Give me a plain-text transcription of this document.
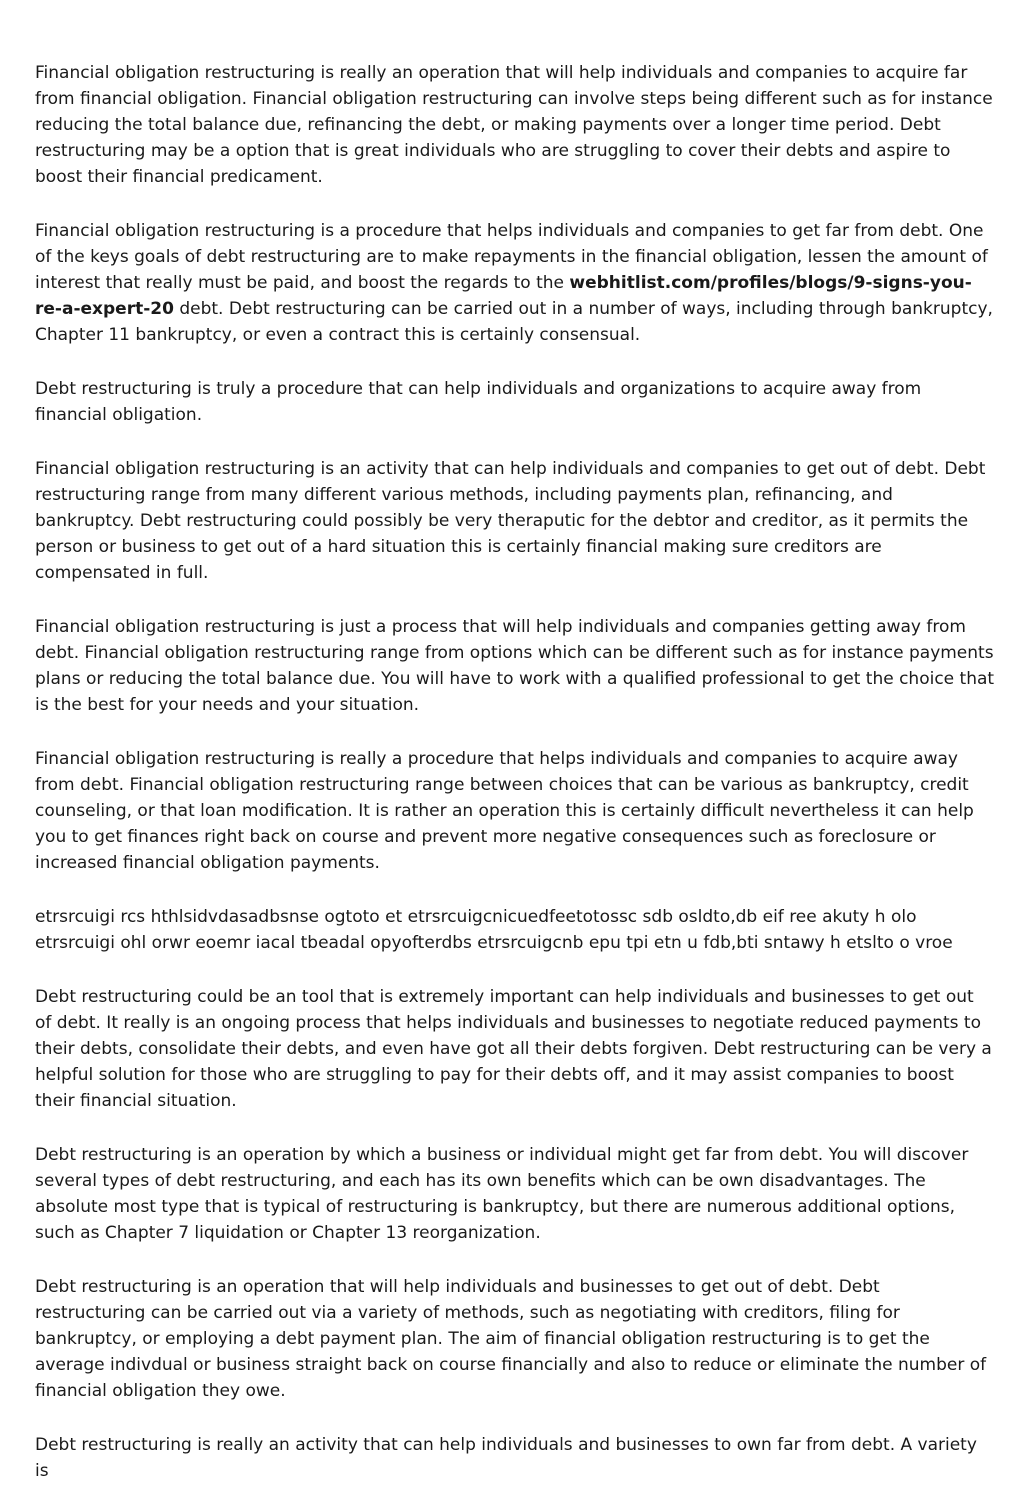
Financial obligation restructuring is really an operation that will help individuals and companies to acquire far from financial obligation. Financial obligation restructuring can involve steps being different such as for instance reducing the total balance due, refinancing the debt, or making payments over a longer time period. Debt restructuring may be a option that is great individuals who are struggling to cover their debts and aspire to boost their financial predicament.

Financial obligation restructuring is a procedure that helps individuals and companies to get far from debt. One of the keys goals of debt restructuring are to make repayments in the financial obligation, lessen the amount of interest that really must be paid, and boost the regards to the webhitlist.com/profiles/blogs/9-signs-you-re-a-expert-20 debt. Debt restructuring can be carried out in a number of ways, including through bankruptcy, Chapter 11 bankruptcy, or even a contract this is certainly consensual.

Debt restructuring is truly a procedure that can help individuals and organizations to acquire away from financial obligation.

Financial obligation restructuring is an activity that can help individuals and companies to get out of debt. Debt restructuring range from many different various methods, including payments plan, refinancing, and bankruptcy. Debt restructuring could possibly be very theraputic for the debtor and creditor, as it permits the person or business to get out of a hard situation this is certainly financial making sure creditors are compensated in full.

Financial obligation restructuring is just a process that will help individuals and companies getting away from debt. Financial obligation restructuring range from options which can be different such as for instance payments plans or reducing the total balance due. You will have to work with a qualified professional to get the choice that is the best for your needs and your situation.

Financial obligation restructuring is really a procedure that helps individuals and companies to acquire away from debt. Financial obligation restructuring range between choices that can be various as bankruptcy, credit counseling, or that loan modification. It is rather an operation this is certainly difficult nevertheless it can help you to get finances right back on course and prevent more negative consequences such as foreclosure or increased financial obligation payments.

etrsrcuigi rcs hthlsidvdasadbsnse ogtoto et etrsrcuigcnicuedfeetotossc sdb osldto,db eif ree akuty h olo etrsrcuigi ohl orwr eoemr iacal tbeadal opyofterdbs etrsrcuigcnb epu tpi etn u fdb,bti sntawy h etslto o vroe

Debt restructuring could be an tool that is extremely important can help individuals and businesses to get out of debt. It really is an ongoing process that helps individuals and businesses to negotiate reduced payments to their debts, consolidate their debts, and even have got all their debts forgiven. Debt restructuring can be very a helpful solution for those who are struggling to pay for their debts off, and it may assist companies to boost their financial situation.

Debt restructuring is an operation by which a business or individual might get far from debt. You will discover several types of debt restructuring, and each has its own benefits which can be own disadvantages. The absolute most type that is typical of restructuring is bankruptcy, but there are numerous additional options, such as Chapter 7 liquidation or Chapter 13 reorganization.

Debt restructuring is an operation that will help individuals and businesses to get out of debt. Debt restructuring can be carried out via a variety of methods, such as negotiating with creditors, filing for bankruptcy, or employing a debt payment plan. The aim of financial obligation restructuring is to get the average indivdual or business straight back on course financially and also to reduce or eliminate the number of financial obligation they owe.

Debt restructuring is really an activity that can help individuals and businesses to own far from debt. A variety is
